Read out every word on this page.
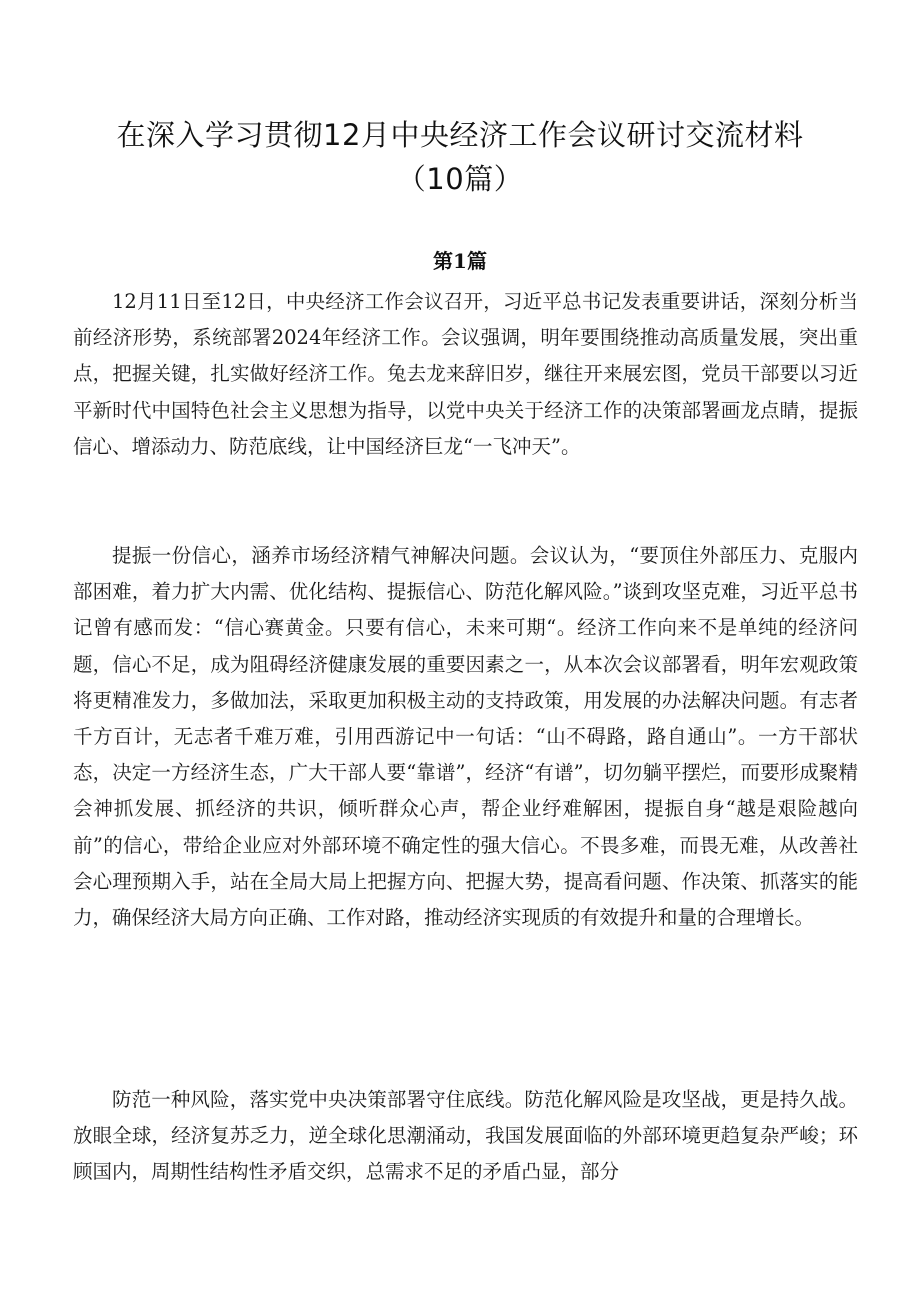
在深入学习贯彻12月中央经济工作会议研讨交流材料
（10篇）
第1篇

12月11日至12日，中央经济工作会议召开，习近平总书记发表重要讲话，深刻分析当前经济形势，系统部署2024年经济工作。会议强调，明年要围绕推动高质量发展，突出重点，把握关键，扎实做好经济工作。兔去龙来辞旧岁，继往开来展宏图，党员干部要以习近平新时代中国特色社会主义思想为指导，以党中央关于经济工作的决策部署画龙点睛，提振信心、增添动力、防范底线，让中国经济巨龙“一飞冲天”。

提振一份信心，涵养市场经济精气神解决问题。会议认为，“要顶住外部压力、克服内部困难，着力扩大内需、优化结构、提振信心、防范化解风险。”谈到攻坚克难，习近平总书记曾有感而发：“信心赛黄金。只要有信心，未来可期“。经济工作向来不是单纯的经济问题，信心不足，成为阻碍经济健康发展的重要因素之一，从本次会议部署看，明年宏观政策将更精准发力，多做加法，采取更加积极主动的支持政策，用发展的办法解决问题。有志者千方百计，无志者千难万难，引用西游记中一句话：“山不碍路，路自通山”。一方干部状态，决定一方经济生态，广大干部人要“靠谱”，经济“有谱”，切勿躺平摆烂，而要形成聚精会神抓发展、抓经济的共识，倾听群众心声，帮企业纾难解困，提振自身“越是艰险越向前”的信心，带给企业应对外部环境不确定性的强大信心。不畏多难，而畏无难，从改善社会心理预期入手，站在全局大局上把握方向、把握大势，提高看问题、作决策、抓落实的能力，确保经济大局方向正确、工作对路，推动经济实现质的有效提升和量的合理增长。

防范一种风险，落实党中央决策部署守住底线。防范化解风险是攻坚战，更是持久战。放眼全球，经济复苏乏力，逆全球化思潮涌动，我国发展面临的外部环境更趋复杂严峻；环顾国内，周期性结构性矛盾交织，总需求不足的矛盾凸显，部分
